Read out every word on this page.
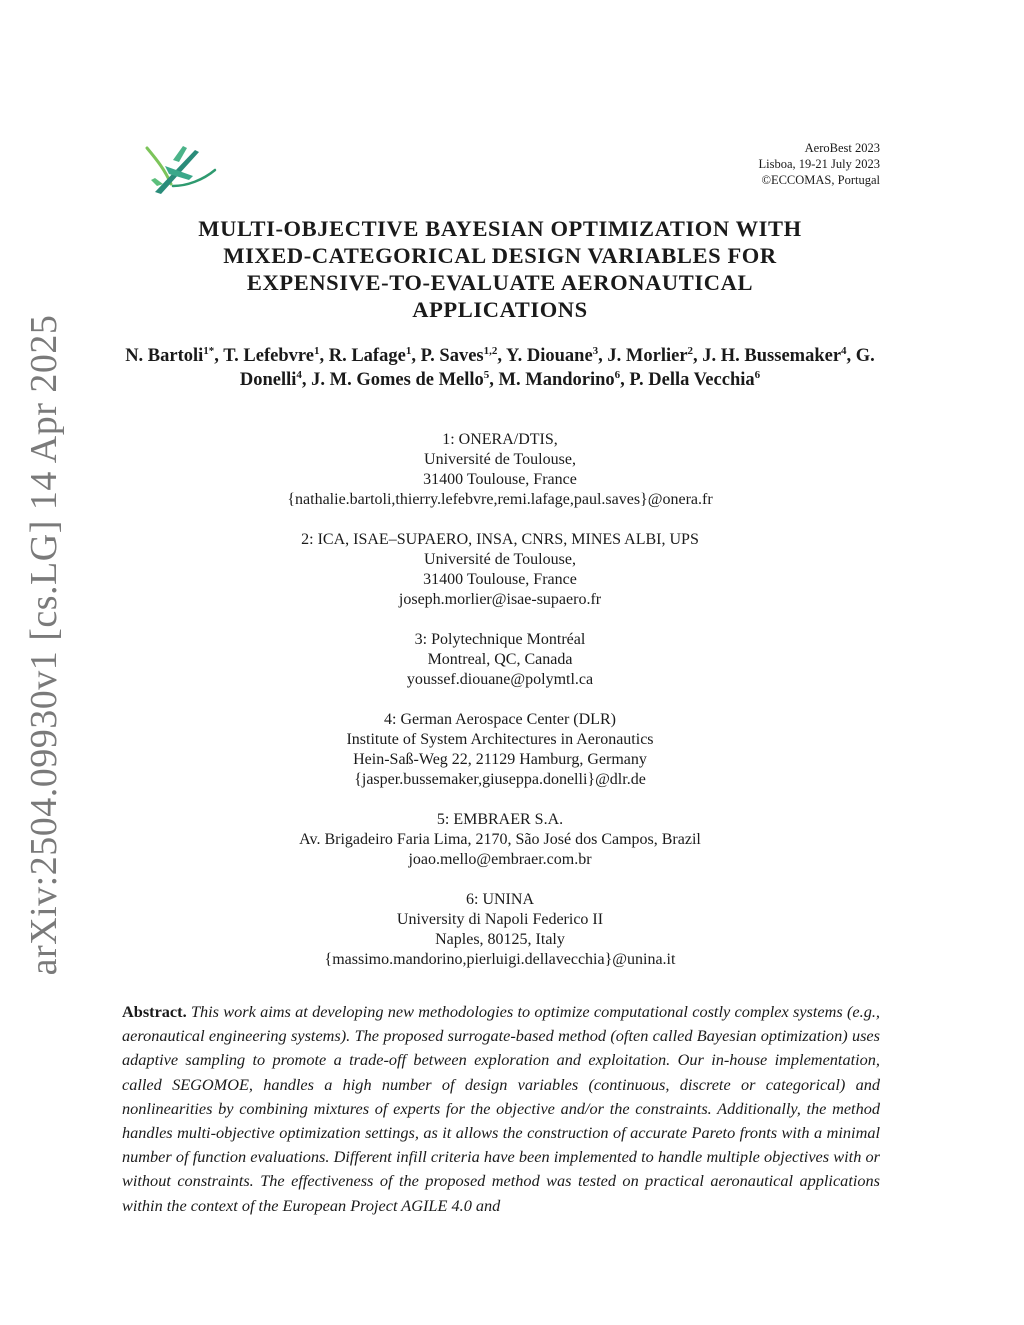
arXiv:2504.09930v1 [cs.LG] 14 Apr 2025
AeroBest 2023
Lisboa, 19-21 July 2023
©ECCOMAS, Portugal
MULTI-OBJECTIVE BAYESIAN OPTIMIZATION WITH
MIXED-CATEGORICAL DESIGN VARIABLES FOR
EXPENSIVE-TO-EVALUATE AERONAUTICAL
APPLICATIONS
N. Bartoli$^{1*}$, T. Lefebvre$^1$, R. Lafage$^1$, P. Saves$^{1,2}$, Y. Diouane$^3$, J. Morlier$^2$, J. H. Bussemaker$^4$, G. Donelli$^4$, J. M. Gomes de Mello$^5$, M. Mandorino$^6$, P. Della Vecchia$^6$
1: ONERA/DTIS,
Université de Toulouse,
31400 Toulouse, France
{nathalie.bartoli,thierry.lefebvre,remi.lafage,paul.saves}@onera.fr
2: ICA, ISAE–SUPAERO, INSA, CNRS, MINES ALBI, UPS
Université de Toulouse,
31400 Toulouse, France
joseph.morlier@isae-supaero.fr
3: Polytechnique Montréal
Montreal, QC, Canada
youssef.diouane@polymtl.ca
4: German Aerospace Center (DLR)
Institute of System Architectures in Aeronautics
Hein-Saß-Weg 22, 21129 Hamburg, Germany
{jasper.bussemaker,giuseppa.donelli}@dlr.de
5: EMBRAER S.A.
Av. Brigadeiro Faria Lima, 2170, São José dos Campos, Brazil
joao.mello@embraer.com.br
6: UNINA
University di Napoli Federico II
Naples, 80125, Italy
{massimo.mandorino,pierluigi.dellavecchia}@unina.it
Abstract. This work aims at developing new methodologies to optimize computational costly complex systems (e.g., aeronautical engineering systems). The proposed surrogate-based method (often called Bayesian optimization) uses adaptive sampling to promote a trade-off between exploration and exploitation. Our in-house implementation, called SEGOMOE, handles a high number of design variables (continuous, discrete or categorical) and nonlinearities by combining mixtures of experts for the objective and/or the constraints. Additionally, the method handles multi-objective optimization settings, as it allows the construction of accurate Pareto fronts with a minimal number of function evaluations. Different infill criteria have been implemented to handle multiple objectives with or without constraints. The effectiveness of the proposed method was tested on practical aeronautical applications within the context of the European Project AGILE 4.0 and
